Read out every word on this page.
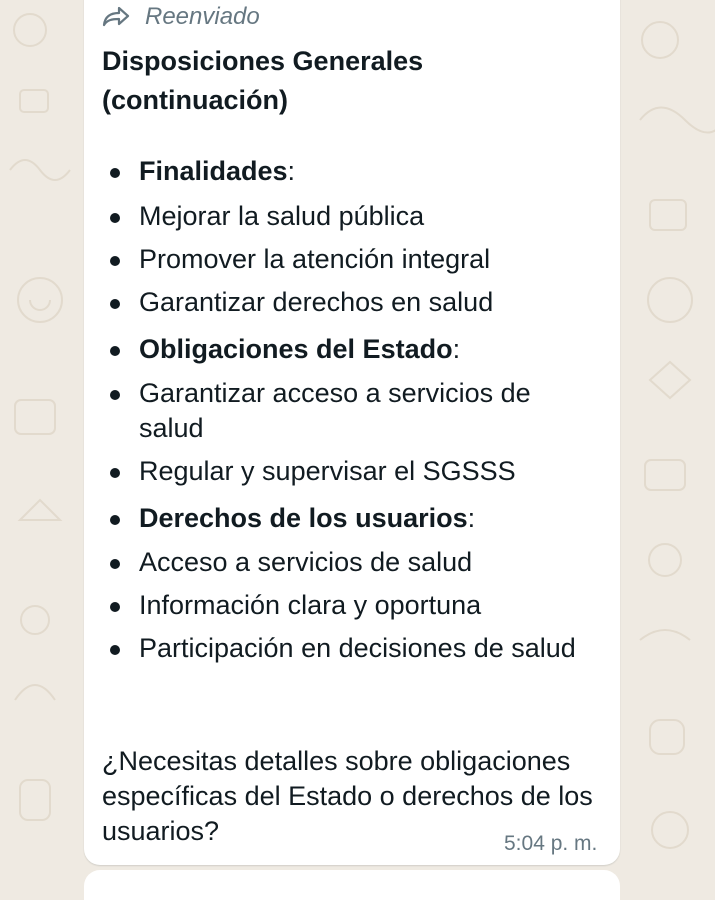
Reenviado
Disposiciones Generales (continuación)
Finalidades:
Mejorar la salud pública
Promover la atención integral
Garantizar derechos en salud
Obligaciones del Estado:
Garantizar acceso a servicios de salud
Regular y supervisar el SGSSS
Derechos de los usuarios:
Acceso a servicios de salud
Información clara y oportuna
Participación en decisiones de salud
¿Necesitas detalles sobre obligaciones específicas del Estado o derechos de los usuarios?	5:04 p. m.
